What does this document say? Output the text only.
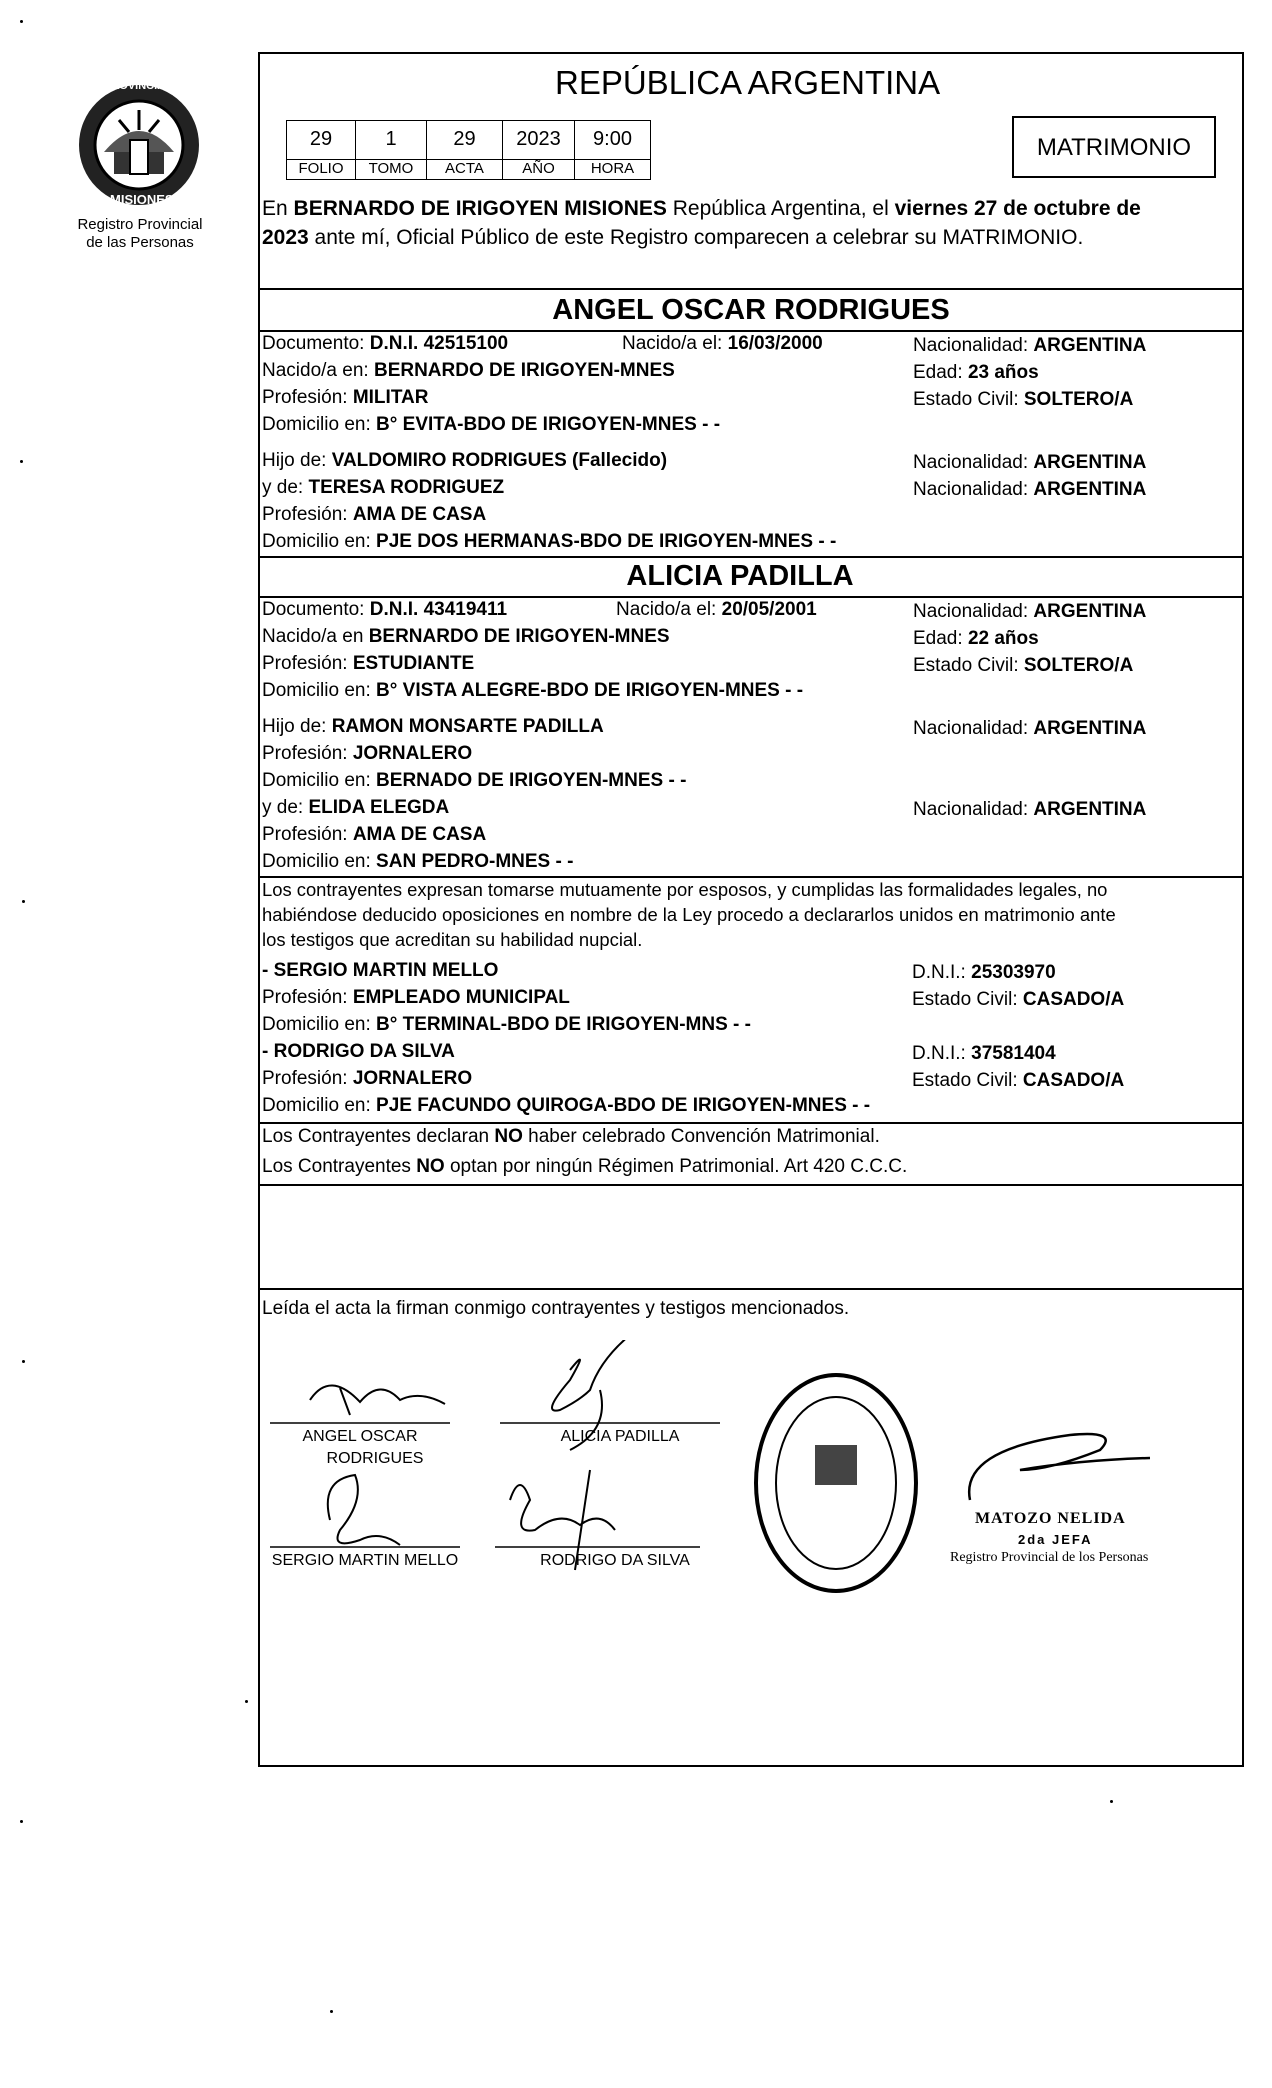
PROVINCIA DE
MISIONES
Registro Provincial
de las Personas
REPÚBLICA ARGENTINA
29	1	29	2023	9:00
FOLIO	TOMO	ACTA	AÑO	HORA
MATRIMONIO
En BERNARDO DE IRIGOYEN MISIONES República Argentina, el viernes 27 de octubre de
2023 ante mí, Oficial Público de este Registro comparecen a celebrar su MATRIMONIO.
ANGEL OSCAR RODRIGUES
Documento: D.N.I. 42515100	Nacido/a el: 16/03/2000	Nacionalidad: ARGENTINA
Nacido/a en: BERNARDO DE IRIGOYEN-MNES	Edad: 23 años
Profesión: MILITAR	Estado Civil: SOLTERO/A
Domicilio en: B° EVITA-BDO DE IRIGOYEN-MNES - -
Hijo de: VALDOMIRO RODRIGUES (Fallecido)	Nacionalidad: ARGENTINA
y de: TERESA RODRIGUEZ	Nacionalidad: ARGENTINA
Profesión: AMA DE CASA
Domicilio en: PJE DOS HERMANAS-BDO DE IRIGOYEN-MNES - -
ALICIA PADILLA
Documento: D.N.I. 43419411	Nacido/a el: 20/05/2001	Nacionalidad: ARGENTINA
Nacido/a en BERNARDO DE IRIGOYEN-MNES	Edad: 22 años
Profesión: ESTUDIANTE	Estado Civil: SOLTERO/A
Domicilio en: B° VISTA ALEGRE-BDO DE IRIGOYEN-MNES - -
Hijo de: RAMON MONSARTE PADILLA	Nacionalidad: ARGENTINA
Profesión: JORNALERO
Domicilio en: BERNADO DE IRIGOYEN-MNES - -
y de: ELIDA ELEGDA	Nacionalidad: ARGENTINA
Profesión: AMA DE CASA
Domicilio en: SAN PEDRO-MNES - -
Los contrayentes expresan tomarse mutuamente por esposos, y cumplidas las formalidades legales, no
habiéndose deducido oposiciones en nombre de la Ley procedo a declararlos unidos en matrimonio ante
los testigos que acreditan su habilidad nupcial.
- SERGIO MARTIN MELLO	D.N.I.: 25303970
Profesión: EMPLEADO MUNICIPAL	Estado Civil: CASADO/A
Domicilio en: B° TERMINAL-BDO DE IRIGOYEN-MNS - -
- RODRIGO DA SILVA	D.N.I.: 37581404
Profesión: JORNALERO	Estado Civil: CASADO/A
Domicilio en: PJE FACUNDO QUIROGA-BDO DE IRIGOYEN-MNES - -
Los Contrayentes declaran NO haber celebrado Convención Matrimonial.
Los Contrayentes NO optan por ningún Régimen Patrimonial. Art 420 C.C.C.
Leída el acta la firman conmigo contrayentes y testigos mencionados.
ANGEL OSCAR
RODRIGUES
ALICIA PADILLA
SERGIO MARTIN MELLO	RODRIGO DA SILVA
MATOZO NELIDA
2da JEFA
Registro Provincial de los Personas
